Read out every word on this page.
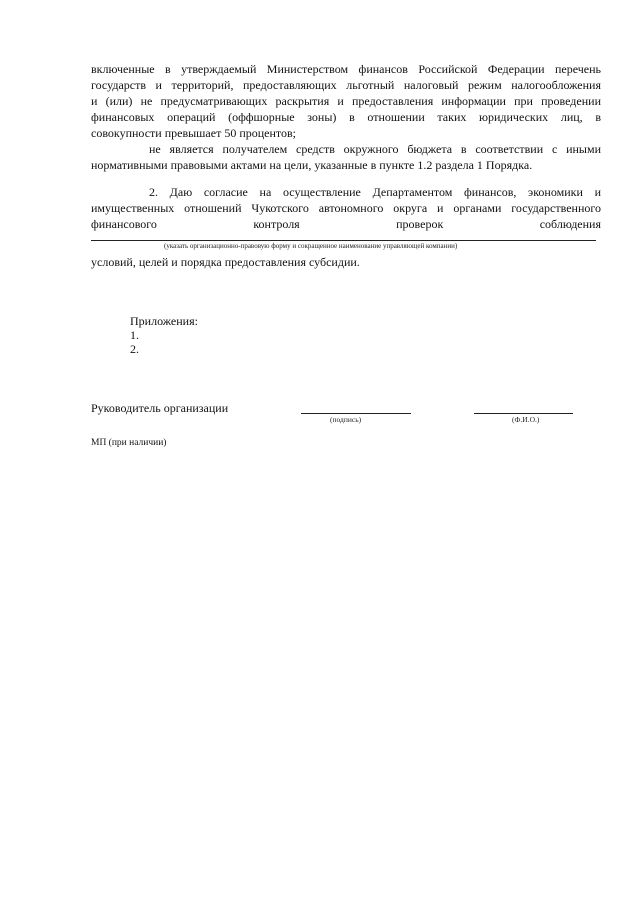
включенные в утверждаемый Министерством финансов Российской Федерации перечень
государств и территорий, предоставляющих льготный налоговый режим налогообложения
и (или) не предусматривающих раскрытия и предоставления информации при проведении
финансовых операций (оффшорные зоны) в отношении таких юридических лиц, в
совокупности превышает 50 процентов;
не является получателем средств окружного бюджета в соответствии с иными
нормативными правовыми актами на цели, указанные в пункте 1.2 раздела 1 Порядка.
2. Даю согласие на осуществление Департаментом финансов, экономики и
имущественных отношений Чукотского автономного округа и органами государственного
финансового контроля проверок соблюдения
(указать организационно-правовую форму и сокращенное наименование управляющей компании)
условий, целей и порядка предоставления субсидии.
Приложения:
1.
2.
Руководитель организации
(подпись)	(Ф.И.О.)
МП (при наличии)
